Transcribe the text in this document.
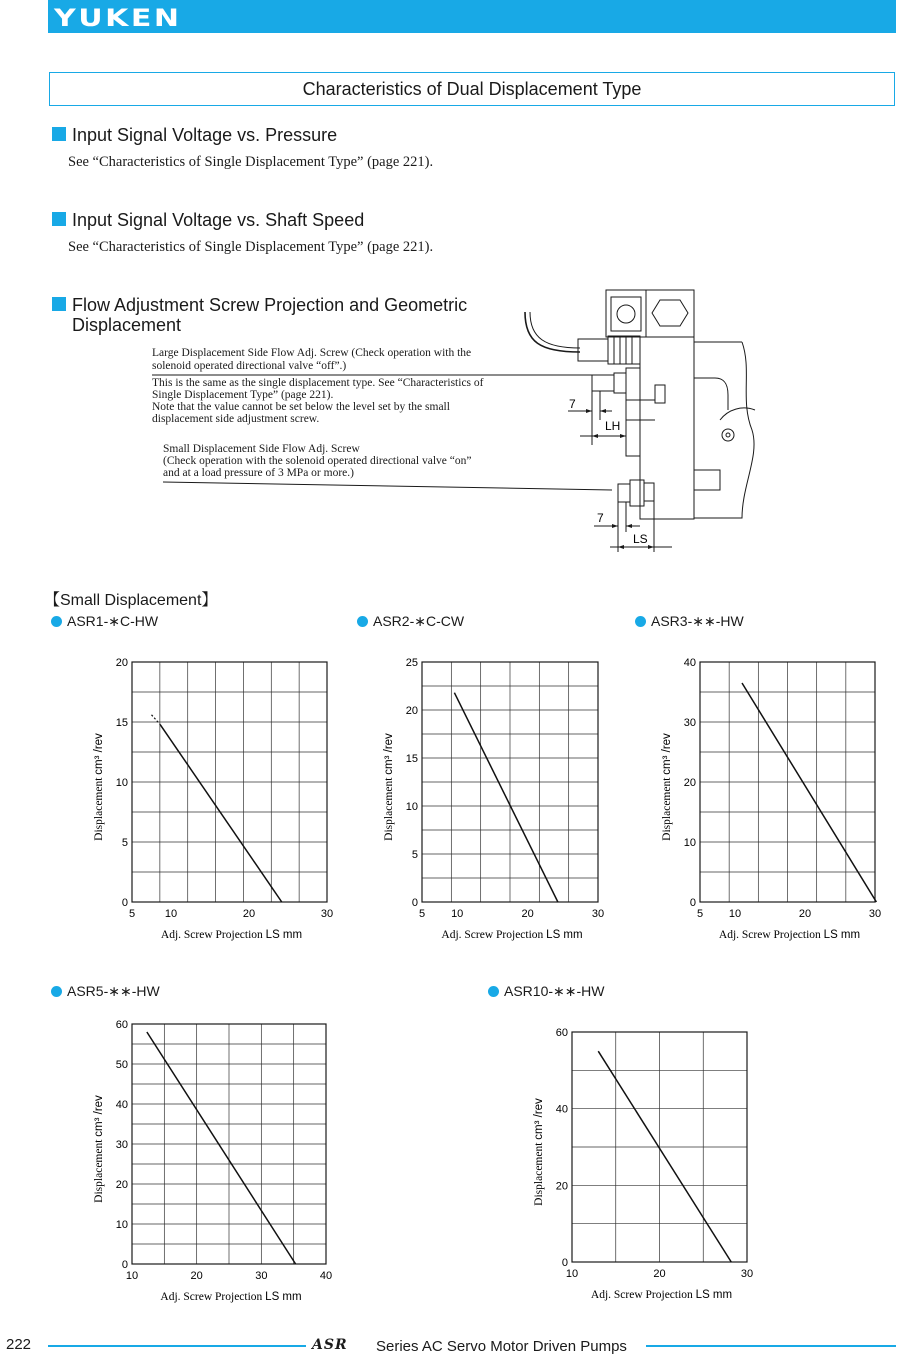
YUKEN
Characteristics of Dual Displacement Type
Input Signal Voltage vs. Pressure
See “Characteristics of Single Displacement Type” (page 221).
Input Signal Voltage vs. Shaft Speed
See “Characteristics of Single Displacement Type” (page 221).
Flow Adjustment Screw Projection and Geometric
Displacement
Large Displacement Side Flow Adj. Screw (Check operation with the
solenoid operated directional valve “off”.)
This is the same as the single displacement type. See “Characteristics of
Single Displacement Type” (page 221).
Note that the value cannot be set below the level set by the small
displacement side adjustment screw.
Small Displacement Side Flow Adj. Screw
(Check operation with the solenoid operated directional valve “on”
and at a load pressure of 3 MPa or more.)
7
LH
7
LS
【Small Displacement】
ASR1-∗C-HW	ASR2-∗C-CW	ASR3-∗∗-HW
ASR5-∗∗-HW	ASR10-∗∗-HW
0
5
10
15
20
5	10	20	30
Adj. Screw Projection LS mm
Displacement cm³ /rev
0
5
10
15
20
25
5 10	20	30
Adj. Screw Projection LS mm
Displacement cm³ /rev
0
10
20
30
40
5 10	20	30
Adj. Screw Projection LS mm
Displacement cm³ /rev
0
10
20
30
40
50
60
10	20	30	40
Adj. Screw Projection LS mm
Displacement cm³ /rev
0
20
40
60
10	20	30
Adj. Screw Projection LS mm
Displacement cm³ /rev
222	ASR Series AC Servo Motor Driven Pumps
